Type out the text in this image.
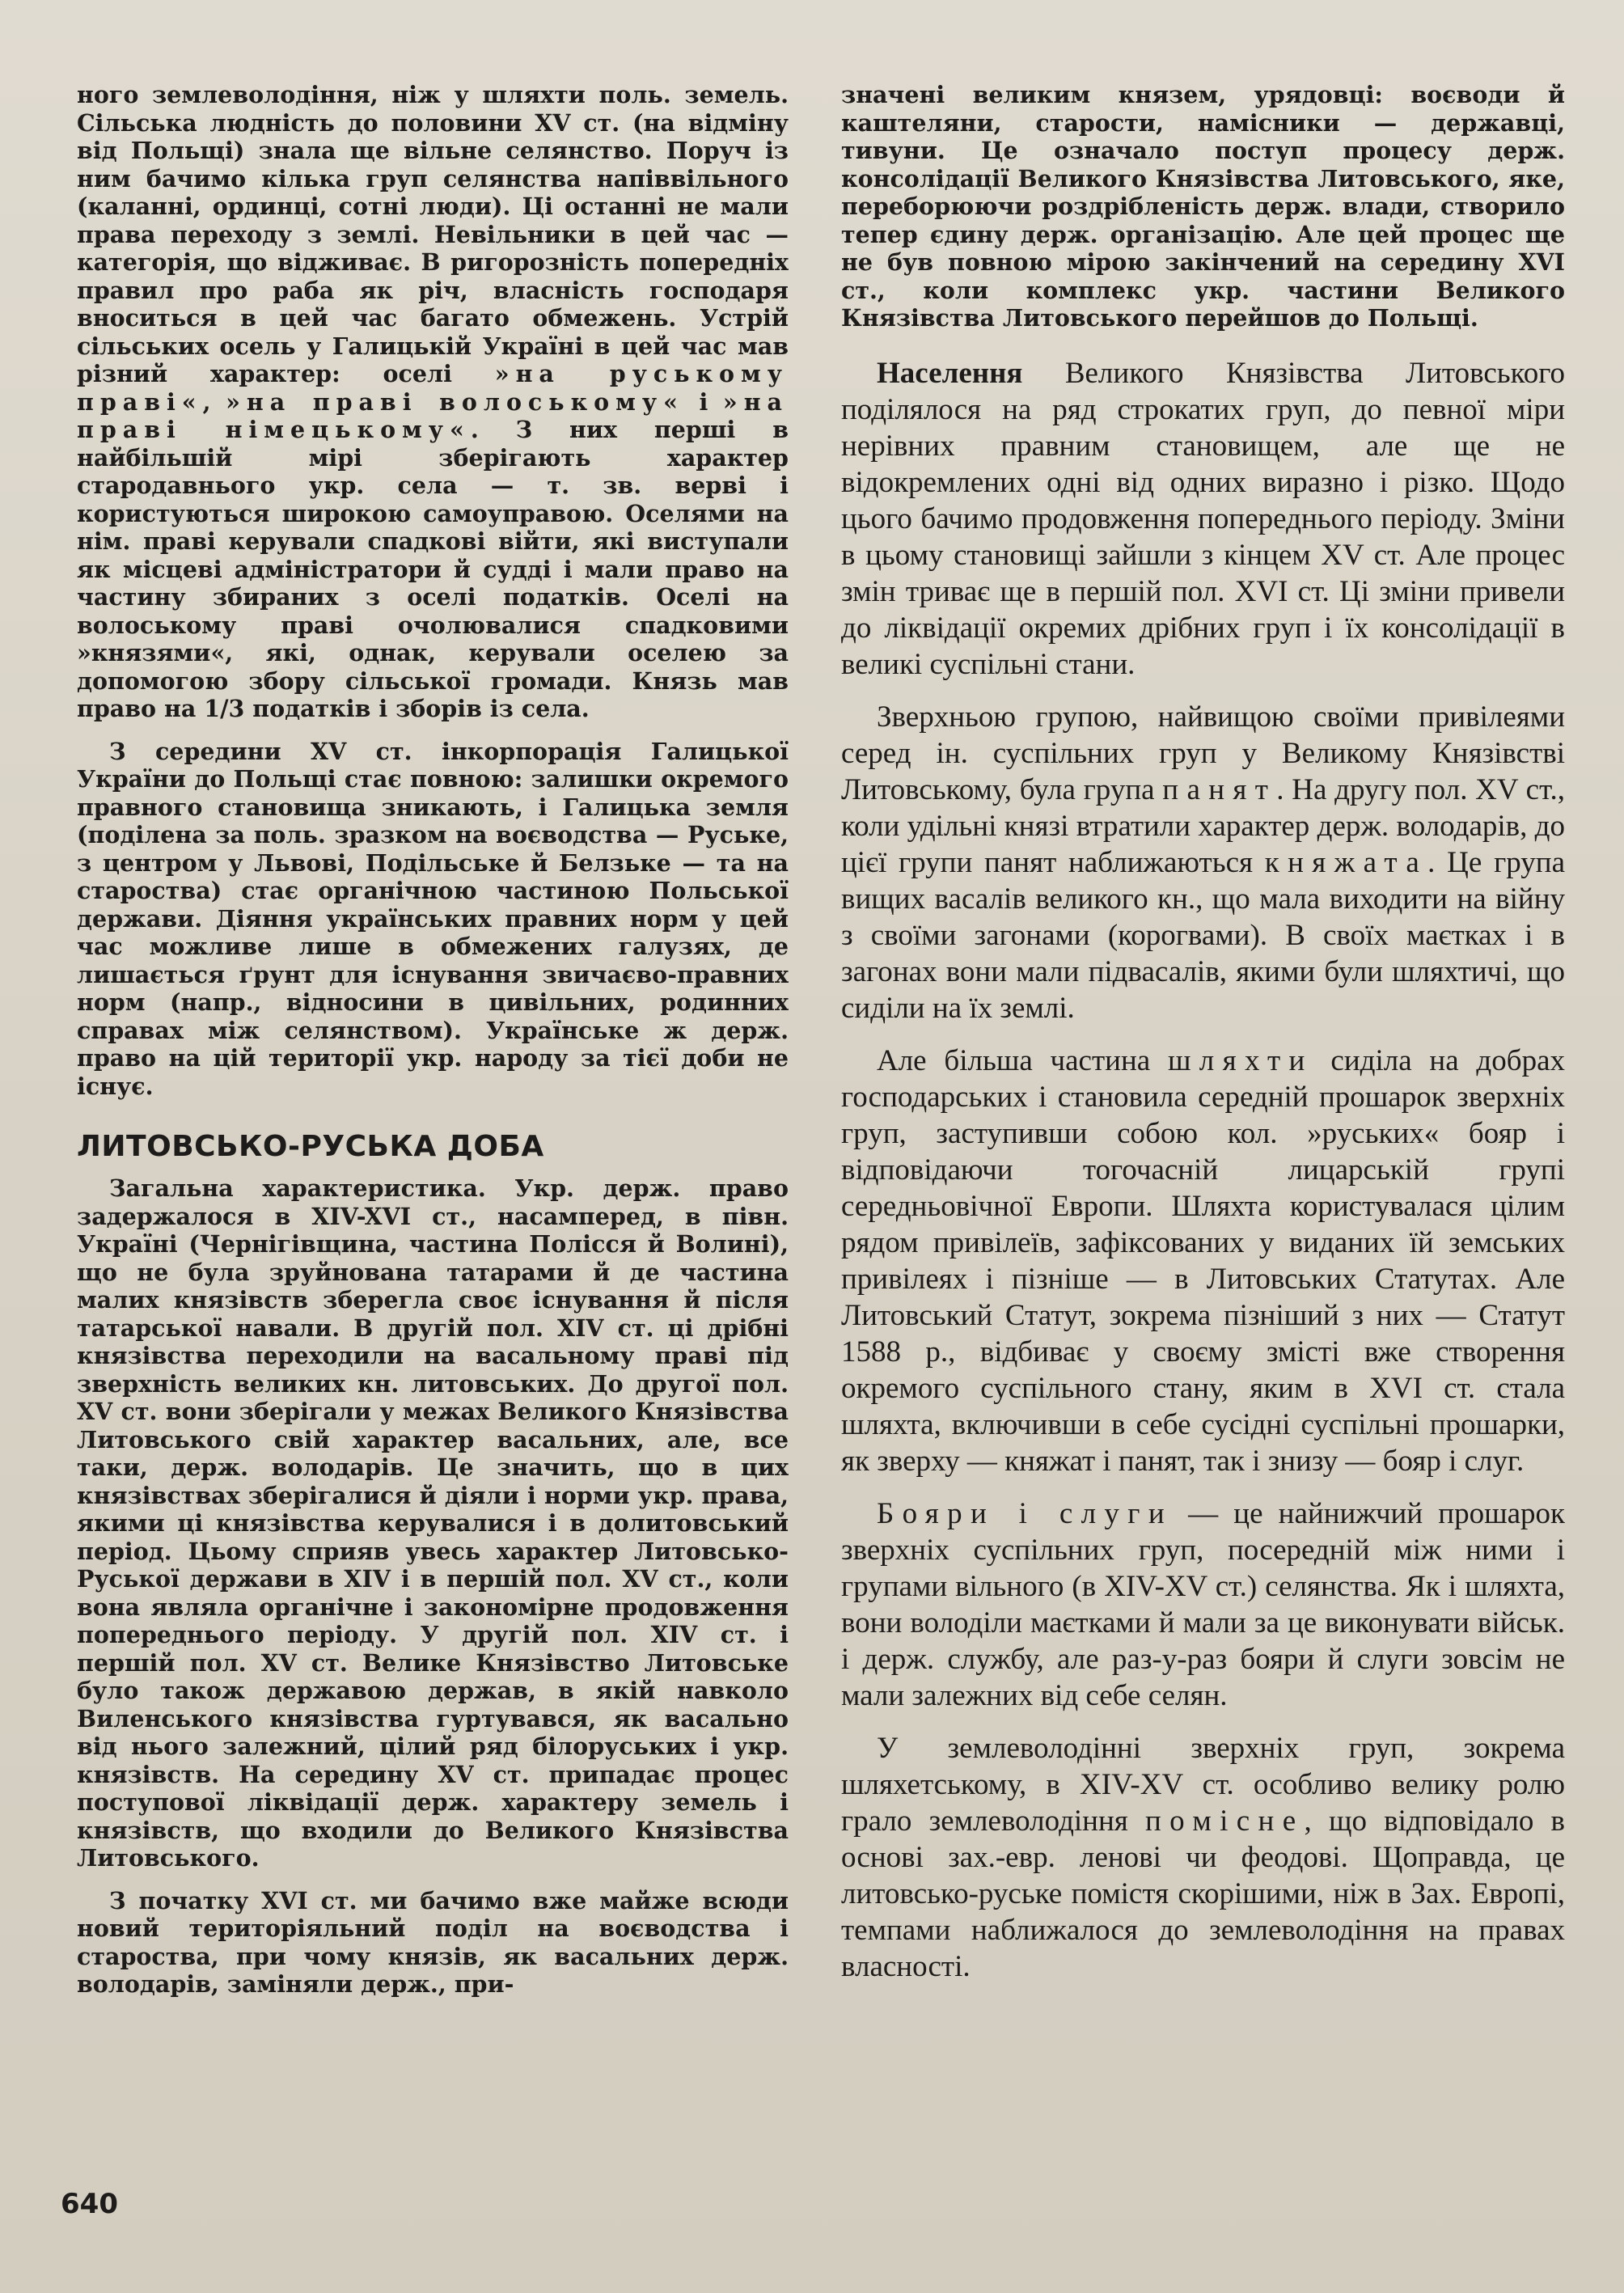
ного землеволодіння, ніж у шляхти поль. земель. Сільська людність до половини XV ст. (на відміну від Польщі) знала ще вільне селянство. Поруч із ним бачимо кілька груп селянства напіввільного (каланні, ординці, сотні люди). Ці останні не мали права переходу з землі. Невільники в цей час — категорія, що відживає. В ригорозність попередніх правил про раба як річ, власність господаря вноситься в цей час багато обмежень. Устрій сільських осель у Галицькій Україні в цей час мав різний характер: оселі »на руському праві«, »на праві волоському« і »на праві німецькому«. З них перші в найбільшій мірі зберігають характер стародавнього укр. села — т. зв. верві і користуються широкою самоуправою. Оселями на нім. праві керували спадкові війти, які виступали як місцеві адміністратори й судді і мали право на частину збираних з оселі податків. Оселі на волоському праві очолювалися спадковими »князями«, які, однак, керували оселею за допомогою збору сільської громади. Князь мав право на 1/3 податків і зборів із села.

З середини XV ст. інкорпорація Галицької України до Польщі стає повною: залишки окремого правного становища зникають, і Галицька земля (поділена за поль. зразком на воєводства — Руське, з центром у Львові, Подільське й Белзьке — та на староства) стає органічною частиною Польської держави. Діяння українських правних норм у цей час можливе лише в обмежених галузях, де лишається ґрунт для існування звичаєво-правних норм (напр., відносини в цивільних, родинних справах між селянством). Українське ж держ. право на цій території укр. народу за тієї доби не існує.

ЛИТОВСЬКО-РУСЬКА ДОБА

Загальна характеристика. Укр. держ. право задержалося в XIV-XVI ст., насамперед, в півн. Україні (Чернігівщина, частина Полісся й Волині), що не була зруйнована татарами й де частина малих князівств зберегла своє існування й після татарської навали. В другій пол. XIV ст. ці дрібні князівства переходили на васальному праві під зверхність великих кн. литовських. До другої пол. XV ст. вони зберігали у межах Великого Князівства Литовського свій характер васальних, але, все таки, держ. володарів. Це значить, що в цих князівствах зберігалися й діяли і норми укр. права, якими ці князівства керувалися і в долитовський період. Цьому сприяв увесь характер Литовсько-Руської держави в XIV і в першій пол. XV ст., коли вона являла органічне і закономірне продовження попереднього періоду. У другій пол. XIV ст. і першій пол. XV ст. Велике Князівство Литовське було також державою держав, в якій навколо Виленського князівства гуртувався, як васально від нього залежний, цілий ряд білоруських і укр. князівств. На середину XV ст. припадає процес поступової ліквідації держ. характеру земель і князівств, що входили до Великого Князівства Литовського.

З початку XVI ст. ми бачимо вже майже всюди новий територіяльний поділ на воєводства і староства, при чому князів, як васальних держ. володарів, заміняли держ., при-

значені великим князем, урядовці: воєводи й каштеляни, старости, намісники — державці, тивуни. Це означало поступ процесу держ. консолідації Великого Князівства Литовського, яке, переборюючи роздрібленість держ. влади, створило тепер єдину держ. організацію. Але цей процес ще не був повною мірою закінчений на середину XVI ст., коли комплекс укр. частини Великого Князівства Литовського перейшов до Польщі.

Населення Великого Князівства Литовського поділялося на ряд строкатих груп, до певної міри нерівних правним становищем, але ще не відокремлених одні від одних виразно і різко. Щодо цього бачимо продовження попереднього періоду. Зміни в цьому становищі зайшли з кінцем XV ст. Але процес змін триває ще в першій пол. XVI ст. Ці зміни привели до ліквідації окремих дрібних груп і їх консолідації в великі суспільні стани.

Зверхньою групою, найвищою своїми привілеями серед ін. суспільних груп у Великому Князівстві Литовському, була група панят. На другу пол. XV ст., коли удільні князі втратили характер держ. володарів, до цієї групи панят наближаються княжата. Це група вищих васалів великого кн., що мала виходити на війну з своїми загонами (корогвами). В своїх маєтках і в загонах вони мали підвасалів, якими були шляхтичі, що сиділи на їх землі.

Але більша частина шляхти сиділа на добрах господарських і становила середній прошарок зверхніх груп, заступивши собою кол. »руських« бояр і відповідаючи тогочасній лицарській групі середньовічної Европи. Шляхта користувалася цілим рядом привілеїв, зафіксованих у виданих їй земських привілеях і пізніше — в Литовських Статутах. Але Литовський Статут, зокрема пізніший з них — Статут 1588 р., відбиває у своєму змісті вже створення окремого суспільного стану, яким в XVI ст. стала шляхта, включивши в себе сусідні суспільні прошарки, як зверху — княжат і панят, так і знизу — бояр і слуг.

Бояри і слуги — це найнижчий прошарок зверхніх суспільних груп, посередній між ними і групами вільного (в XIV-XV ст.) селянства. Як і шляхта, вони володіли маєтками й мали за це виконувати військ. і держ. службу, але раз-у-раз бояри й слуги зовсім не мали залежних від себе селян.

У землеволодінні зверхніх груп, зокрема шляхетському, в XIV-XV ст. особливо велику ролю грало землеволодіння помісне, що відповідало в основі зах.-евр. ленові чи феодові. Щоправда, це литовсько-руське помістя скорішими, ніж в Зах. Европі, темпами наближалося до землеволодіння на правах власності.

640
